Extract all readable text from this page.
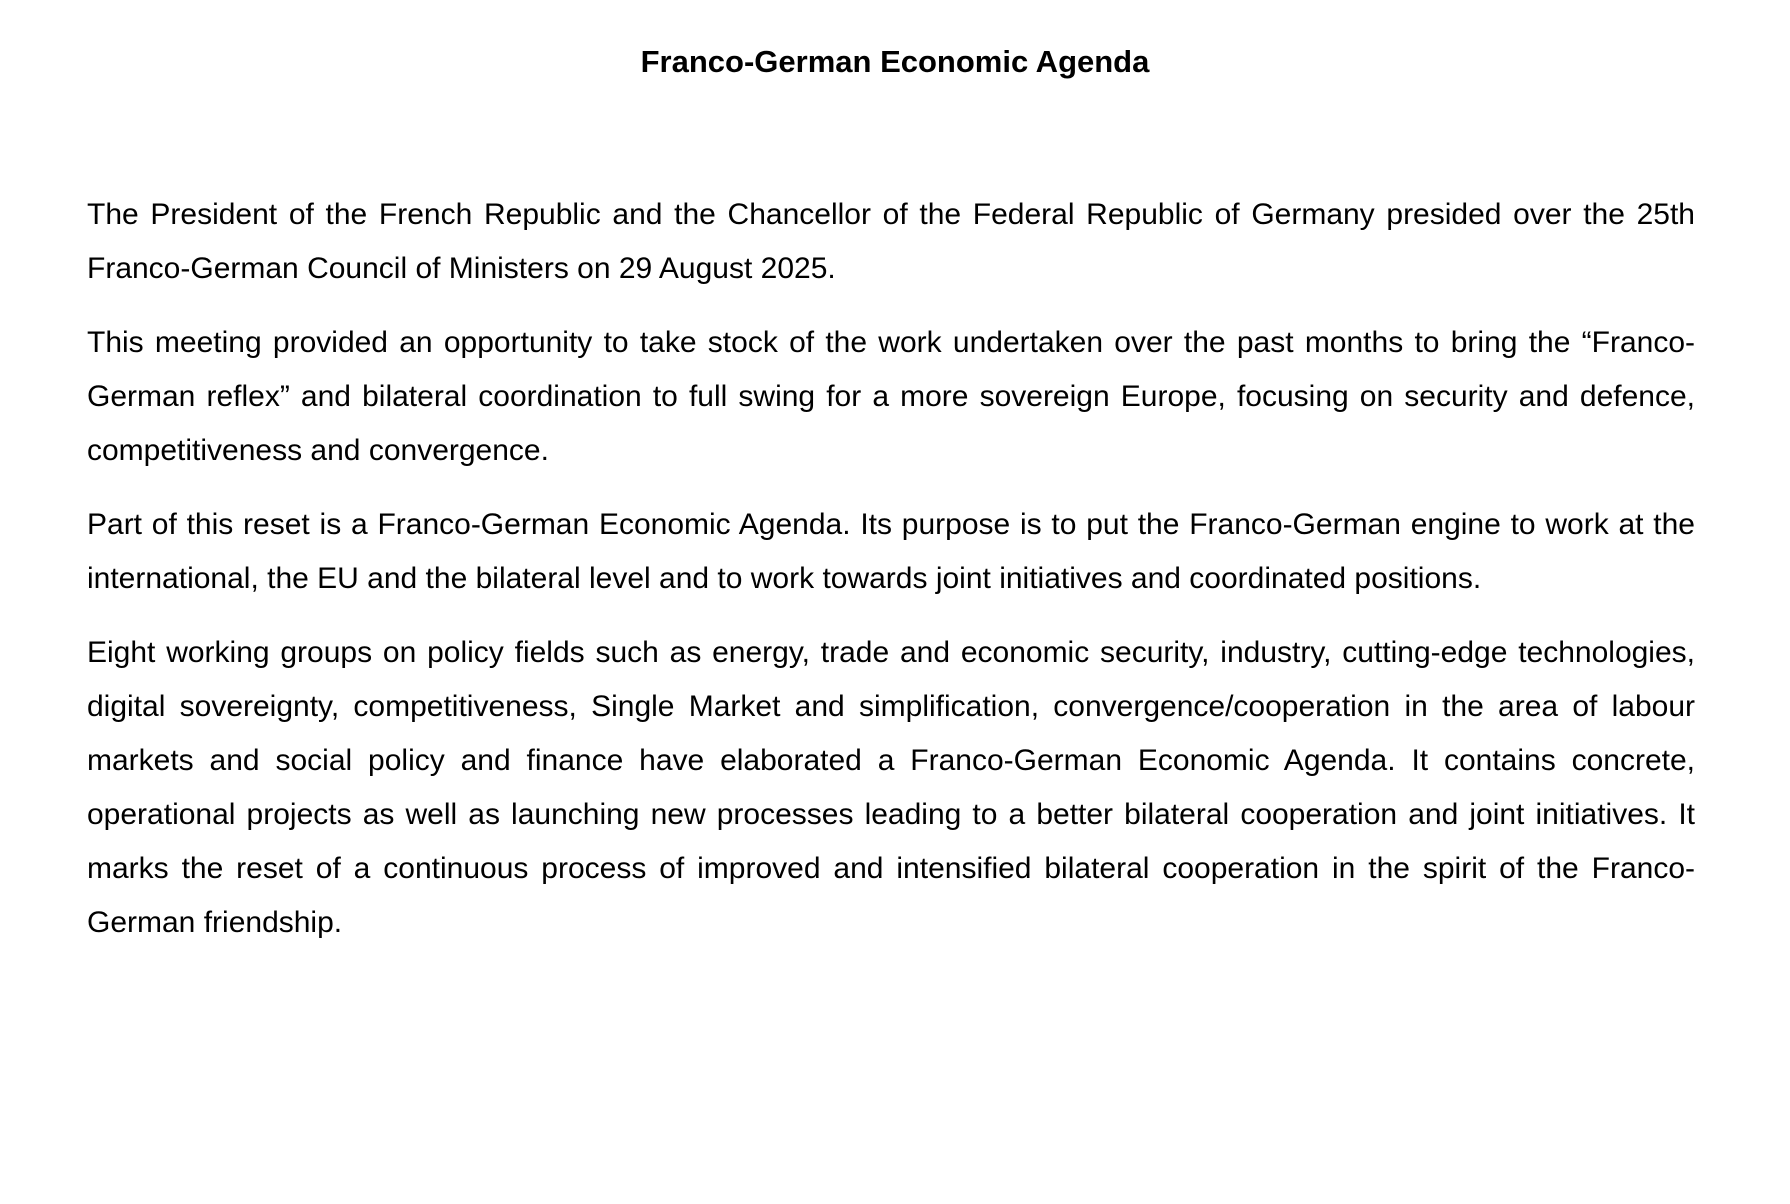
Franco-German Economic Agenda

The President of the French Republic and the Chancellor of the Federal Republic of Germany presided over the 25th Franco-German Council of Ministers on 29 August 2025.

This meeting provided an opportunity to take stock of the work undertaken over the past months to bring the “Franco-German reflex” and bilateral coordination to full swing for a more sovereign Europe, focusing on security and defence, competitiveness and convergence.

Part of this reset is a Franco-German Economic Agenda. Its purpose is to put the Franco-German engine to work at the international, the EU and the bilateral level and to work towards joint initiatives and coordinated positions.

Eight working groups on policy fields such as energy, trade and economic security, industry, cutting-edge technologies, digital sovereignty, competitiveness, Single Market and simplification, convergence/cooperation in the area of labour markets and social policy and finance have elaborated a Franco-German Economic Agenda. It contains concrete, operational projects as well as launching new processes leading to a better bilateral cooperation and joint initiatives. It marks the reset of a continuous process of improved and intensified bilateral cooperation in the spirit of the Franco-German friendship.
